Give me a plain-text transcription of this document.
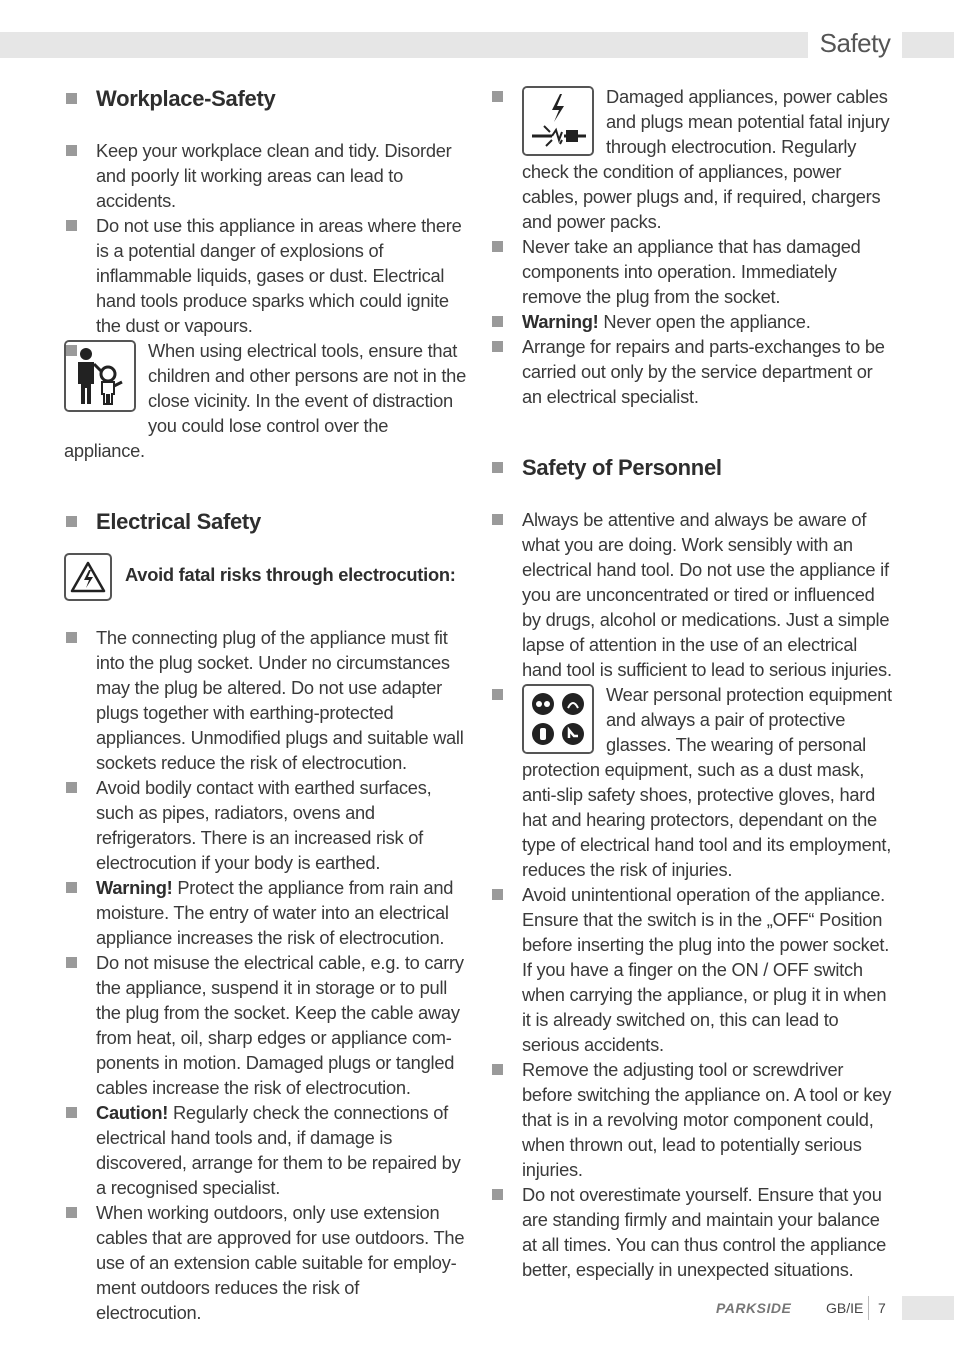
Safety
Workplace-Safety
Keep your workplace clean and tidy. Disorder and poorly lit working areas can lead to accidents.
Do not use this appliance in areas where there is a potential danger of explosions of inflammable liquids, gases or dust. Electrical hand tools produce sparks which could ignite the dust or vapours.
When using electrical tools, ensure that children and other persons are not in the close vicinity. In the event of distraction you could lose control over the appliance.
Electrical Safety
Avoid fatal risks through electrocution:
The connecting plug of the appliance must fit into the plug socket. Under no circumstances may the plug be altered. Do not use adapter plugs together with earthing-protected appliances. Unmodified plugs and suitable wall sockets reduce the risk of electrocution.
Avoid bodily contact with earthed surfaces, such as pipes, radiators, ovens and refrigerators. There is an increased risk of electrocution if your body is earthed.
Warning! Protect the appliance from rain and moisture. The entry of water into an electrical appliance increases the risk of electrocution.
Do not misuse the electrical cable, e.g. to carry the appliance, suspend it in storage or to pull the plug from the socket. Keep the cable away from heat, oil, sharp edges or appliance com-ponents in motion. Damaged plugs or tangled cables increase the risk of electrocution.
Caution! Regularly check the connections of electrical hand tools and, if damage is discovered, arrange for them to be repaired by a recognised specialist.
When working outdoors, only use extension cables that are approved for use outdoors. The use of an extension cable suitable for employ-ment outdoors reduces the risk of electrocution.
Damaged appliances, power cables and plugs mean potential fatal injury through electrocution. Regularly check the condition of appliances, power cables, power plugs and, if required, chargers and power packs.
Never take an appliance that has damaged components into operation. Immediately remove the plug from the socket.
Warning! Never open the appliance.
Arrange for repairs and parts-exchanges to be carried out only by the service department or an electrical specialist.
Safety of Personnel
Always be attentive and always be aware of what you are doing. Work sensibly with an electrical hand tool. Do not use the appliance if you are unconcentrated or tired or influenced by drugs, alcohol or medications. Just a simple lapse of attention in the use of an electrical hand tool is sufficient to lead to serious injuries.
Wear personal protection equipment and always a pair of protective glasses. The wearing of personal protection equipment, such as a dust mask, anti-slip safety shoes, protective gloves, hard hat and hearing protectors, dependant on the type of electrical hand tool and its employment, reduces the risk of injuries.
Avoid unintentional operation of the appliance. Ensure that the switch is in the „OFF“ Position before inserting the plug into the power socket. If you have a finger on the ON / OFF switch when carrying the appliance, or plug it in when it is already switched on, this can lead to serious accidents.
Remove the adjusting tool or screwdriver before switching the appliance on. A tool or key that is in a revolving motor component could, when thrown out, lead to potentially serious injuries.
Do not overestimate yourself. Ensure that you are standing firmly and maintain your balance at all times. You can thus control the appliance better, especially in unexpected situations.
PARKSIDE GB/IE 7
